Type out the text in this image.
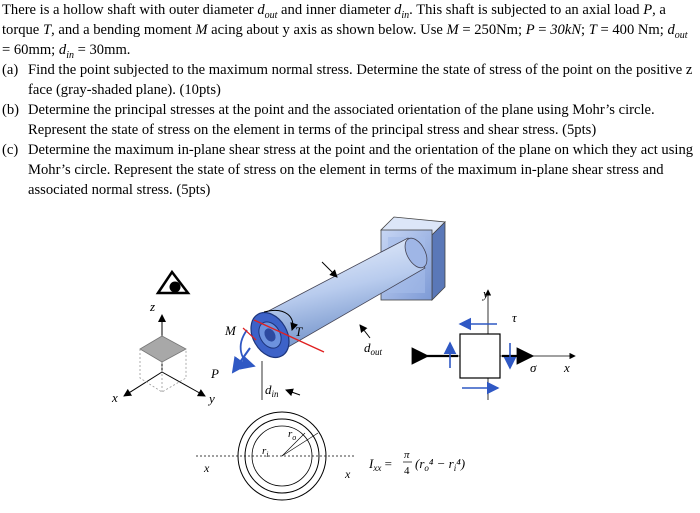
There is a hollow shaft with outer diameter $d_{out}$ and inner diameter $d_{in}$. This shaft is subjected to an axial load P, a torque T, and a bending moment M acing about y axis as shown below. Use M = 250Nm; P = 30kN; T = 400 Nm; $d_{out} = 60mm$; $d_{in} = 30mm$.

(a) Find the point subjected to the maximum normal stress. Determine the state of stress of the point on the positive z face (gray-shaded plane). (10pts)
(b) Determine the principal stresses at the point and the associated orientation of the plane using Mohr’s circle. Represent the state of stress on the element in terms of the principal stress and shear stress. (5pts)
(c) Determine the maximum in-plane shear stress at the point and the orientation of the plane on which they act using Mohr’s circle. Represent the state of stress on the element in terms of the maximum in-plane shear stress and associated normal stress. (5pts)
z
x	y
M	T
P
$d_{out}$
$d_{in}$
y
τ
σ x
$r_o$
$r_i$
x	x
$I_{xx}$ =
π
4 $(r_o^4 - r_i^4)$
